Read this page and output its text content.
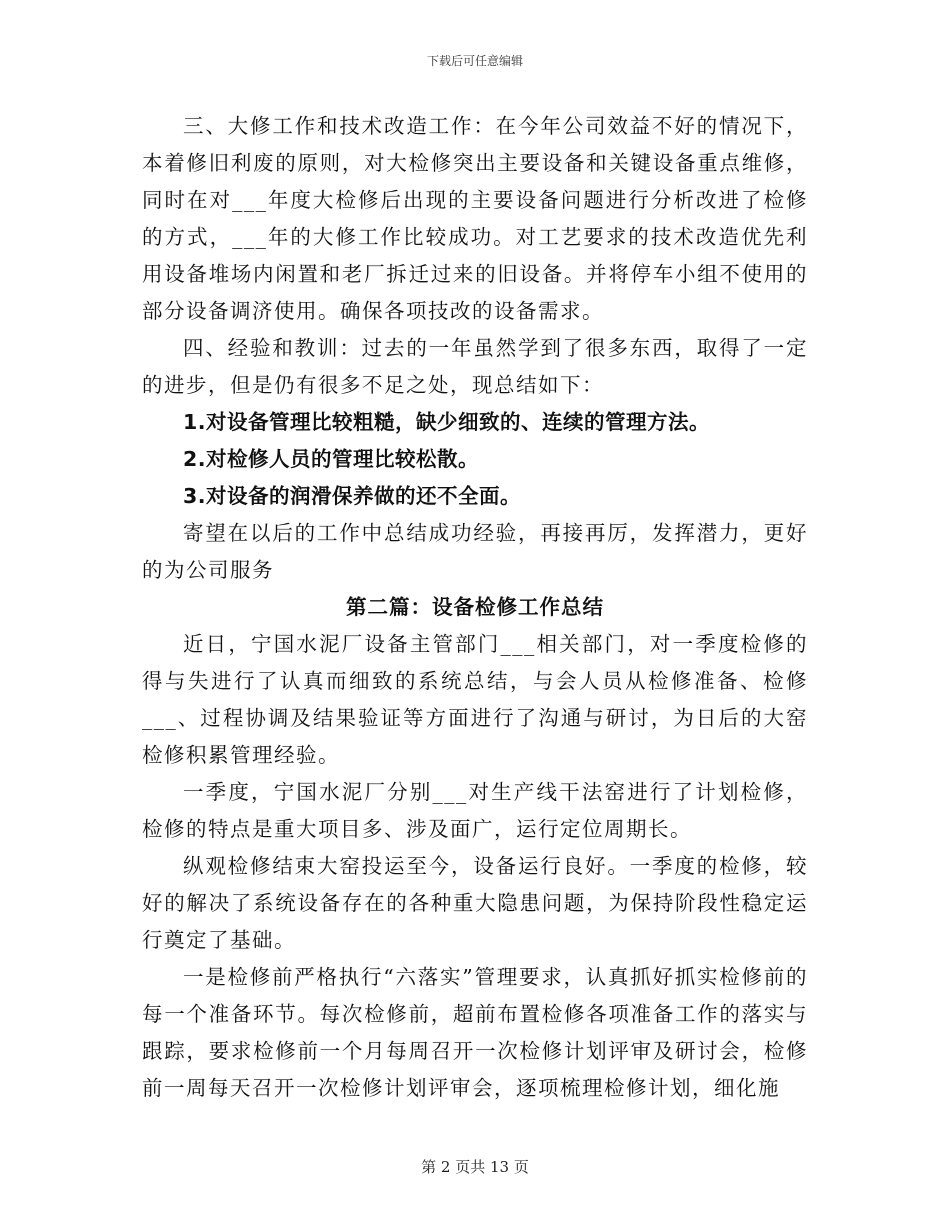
下载后可任意编辑

三、大修工作和技术改造工作：在今年公司效益不好的情况下，本着修旧利废的原则，对大检修突出主要设备和关键设备重点维修，同时在对___年度大检修后出现的主要设备问题进行分析改进了检修的方式，___年的大修工作比较成功。对工艺要求的技术改造优先利用设备堆场内闲置和老厂拆迁过来的旧设备。并将停车小组不使用的部分设备调济使用。确保各项技改的设备需求。

四、经验和教训：过去的一年虽然学到了很多东西，取得了一定的进步，但是仍有很多不足之处，现总结如下：

1.对设备管理比较粗糙，缺少细致的、连续的管理方法。

2.对检修人员的管理比较松散。

3.对设备的润滑保养做的还不全面。

寄望在以后的工作中总结成功经验，再接再厉，发挥潜力，更好的为公司服务

第二篇：设备检修工作总结

近日，宁国水泥厂设备主管部门___相关部门，对一季度检修的得与失进行了认真而细致的系统总结，与会人员从检修准备、检修___、过程协调及结果验证等方面进行了沟通与研讨，为日后的大窑检修积累管理经验。

一季度，宁国水泥厂分别___对生产线干法窑进行了计划检修，检修的特点是重大项目多、涉及面广，运行定位周期长。

纵观检修结束大窑投运至今，设备运行良好。一季度的检修，较好的解决了系统设备存在的各种重大隐患问题，为保持阶段性稳定运行奠定了基础。

一是检修前严格执行“六落实”管理要求，认真抓好抓实检修前的每一个准备环节。每次检修前，超前布置检修各项准备工作的落实与跟踪，要求检修前一个月每周召开一次检修计划评审及研讨会，检修前一周每天召开一次检修计划评审会，逐项梳理检修计划，细化施

第 2 页共 13 页
